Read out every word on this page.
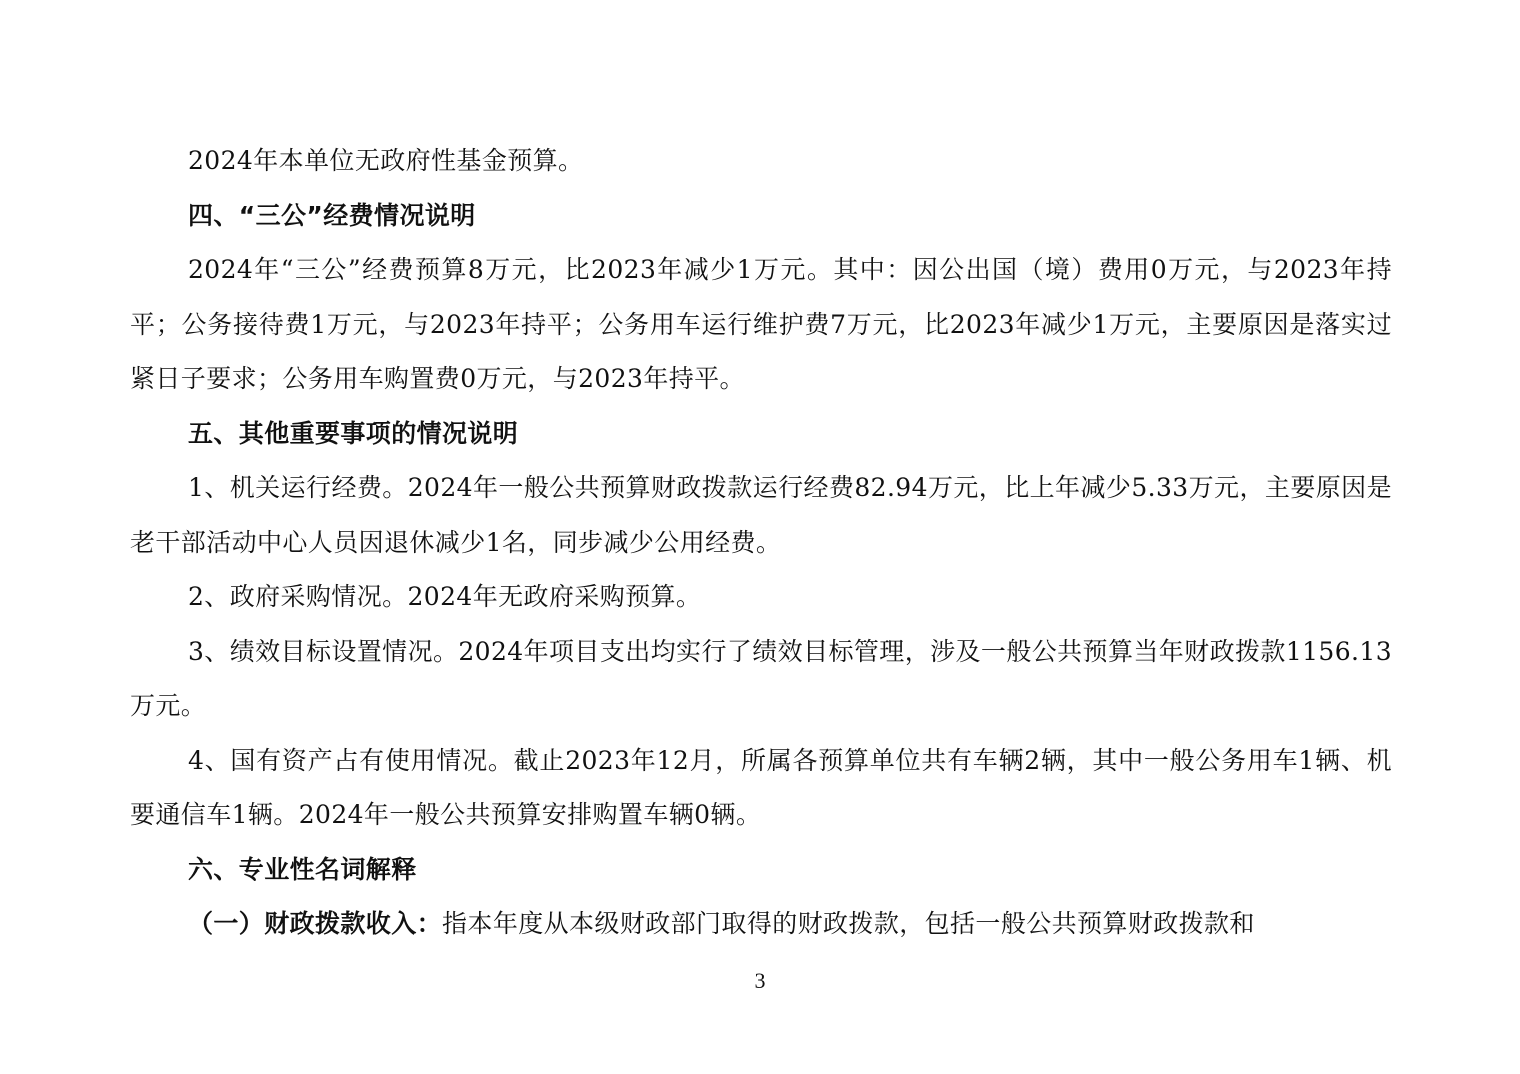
2024年本单位无政府性基金预算。

四、“三公”经费情况说明

2024年“三公”经费预算8万元，比2023年减少1万元。其中：因公出国（境）费用0万元，与2023年持平；公务接待费1万元，与2023年持平；公务用车运行维护费7万元，比2023年减少1万元，主要原因是落实过紧日子要求；公务用车购置费0万元，与2023年持平。

五、其他重要事项的情况说明

1、机关运行经费。2024年一般公共预算财政拨款运行经费82.94万元，比上年减少5.33万元，主要原因是老干部活动中心人员因退休减少1名，同步减少公用经费。

2、政府采购情况。2024年无政府采购预算。

3、绩效目标设置情况。2024年项目支出均实行了绩效目标管理，涉及一般公共预算当年财政拨款1156.13万元。

4、国有资产占有使用情况。截止2023年12月，所属各预算单位共有车辆2辆，其中一般公务用车1辆、机要通信车1辆。2024年一般公共预算安排购置车辆0辆。

六、专业性名词解释

（一）财政拨款收入：指本年度从本级财政部门取得的财政拨款，包括一般公共预算财政拨款和

3
